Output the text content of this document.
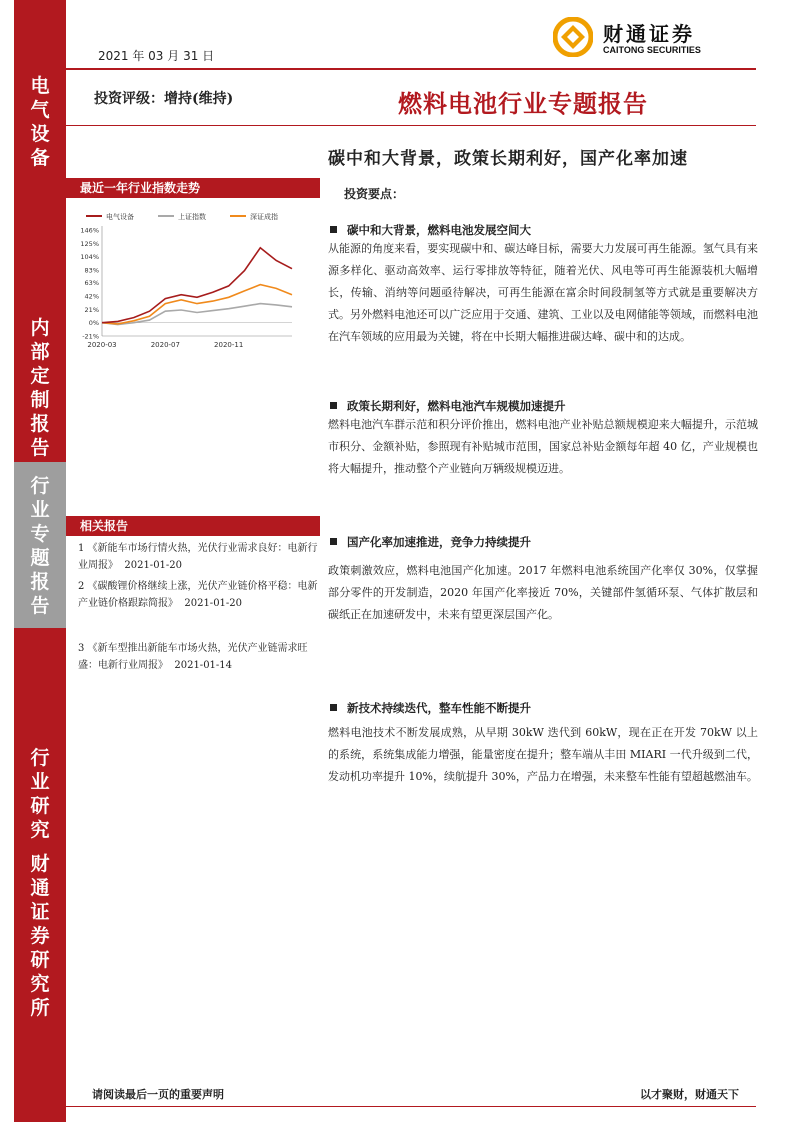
电气设备
内部定制报告
行业专题报告
行业研究
财通证券研究所
2021 年 03 月 31 日
财通证券
CAITONG SECURITIES
投资评级：增持(维持)	燃料电池行业专题报告
碳中和大背景，政策长期利好，国产化率加速
最近一年行业指数走势
电气设备	上证指数	深证成指
146%
125%
104%
83%
63%
42%
21%
0%
-21%
2020-03	2020-07	2020-11
相关报告
1 《新能车市场行情火热，光伏行业需求良好：电新行业周报》 2021-01-20
2 《碳酸锂价格继续上涨，光伏产业链价格平稳：电新产业链价格跟踪简报》 2021-01-20
3 《新车型推出新能车市场火热，光伏产业链需求旺盛：电新行业周报》 2021-01-14
投资要点：
碳中和大背景，燃料电池发展空间大
从能源的角度来看，要实现碳中和、碳达峰目标，需要大力发展可再生能源。氢气具有来源多样化、驱动高效率、运行零排放等特征，随着光伏、风电等可再生能源装机大幅增长，传输、消纳等问题亟待解决，可再生能源在富余时间段制氢等方式就是重要解决方式。另外燃料电池还可以广泛应用于交通、建筑、工业以及电网储能等领域，而燃料电池在汽车领域的应用最为关键，将在中长期大幅推进碳达峰、碳中和的达成。
政策长期利好，燃料电池汽车规模加速提升
燃料电池汽车群示范和积分评价推出，燃料电池产业补贴总额规模迎来大幅提升，示范城市积分、金额补贴，参照现有补贴城市范围，国家总补贴金额每年超 40 亿，产业规模也将大幅提升，推动整个产业链向万辆级规模迈进。
国产化率加速推进，竞争力持续提升
政策刺激效应，燃料电池国产化加速。2017 年燃料电池系统国产化率仅 30%，仅掌握部分零件的开发制造，2020 年国产化率接近 70%，关键部件氢循环泵、气体扩散层和碳纸正在加速研发中，未来有望更深层国产化。
新技术持续迭代，整车性能不断提升
燃料电池技术不断发展成熟，从早期 30kW 迭代到 60kW，现在正在开发 70kW 以上的系统，系统集成能力增强，能量密度在提升；整车端从丰田 MIARI 一代升级到二代，发动机功率提升 10%，续航提升 30%，产品力在增强，未来整车性能有望超越燃油车。
请阅读最后一页的重要声明	以才聚财，财通天下
